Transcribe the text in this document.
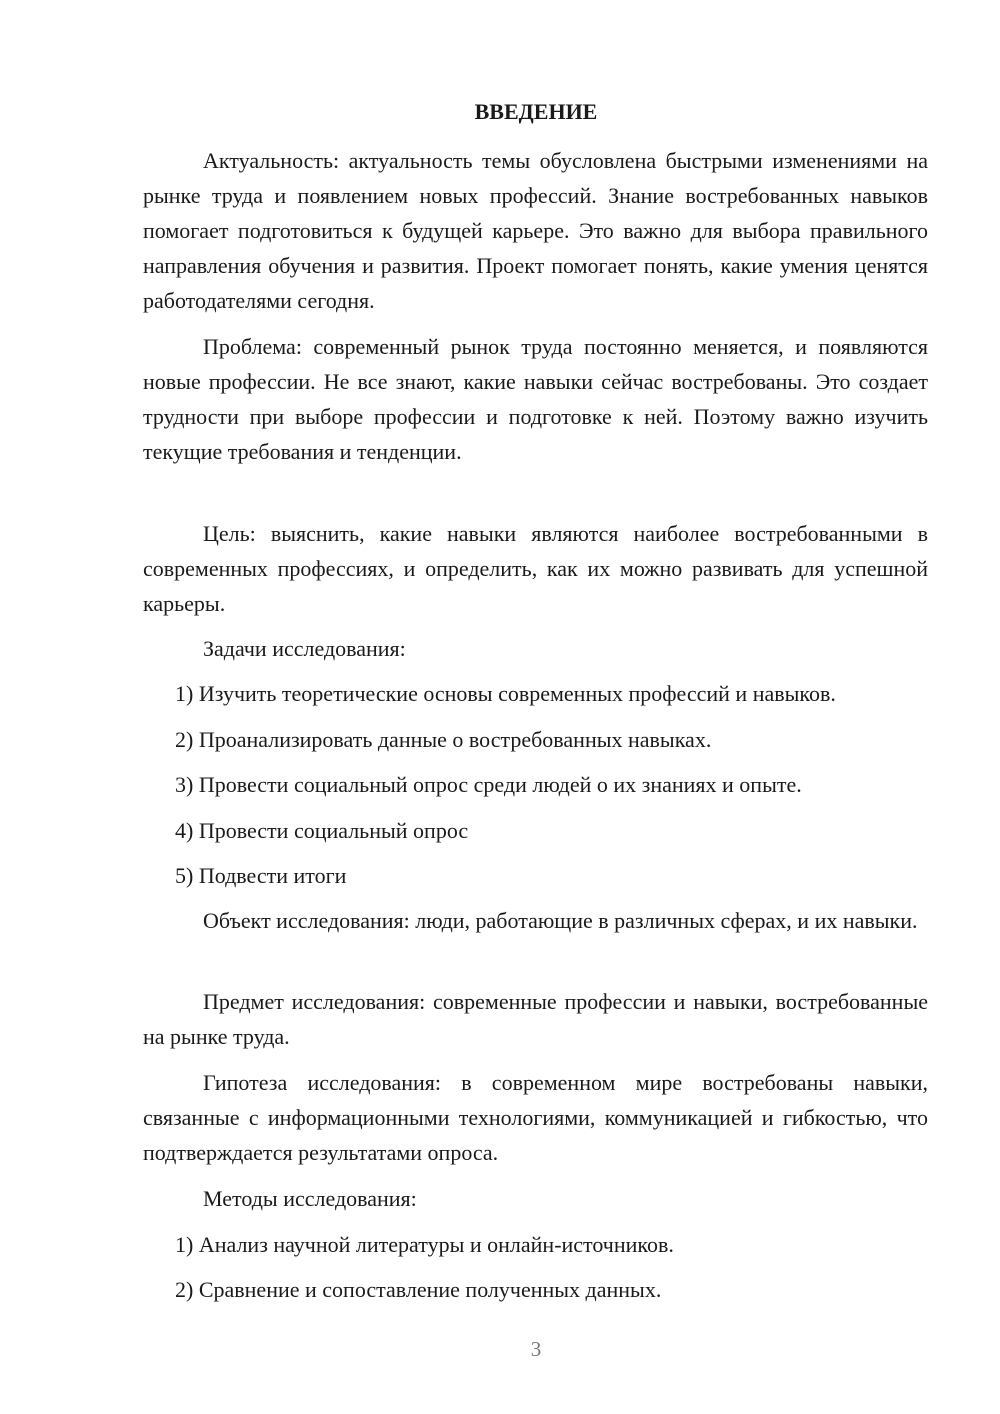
ВВЕДЕНИЕ

Актуальность: актуальность темы обусловлена быстрыми изменениями на рынке труда и появлением новых профессий. Знание востребованных навыков помогает подготовиться к будущей карьере. Это важно для выбора правильного направления обучения и развития. Проект помогает понять, какие умения ценятся работодателями сегодня.

Проблема: современный рынок труда постоянно меняется, и появляются новые профессии. Не все знают, какие навыки сейчас востребованы. Это создает трудности при выборе профессии и подготовке к ней. Поэтому важно изучить текущие требования и тенденции.

Цель: выяснить, какие навыки являются наиболее востребованными в современных профессиях, и определить, как их можно развивать для успешной карьеры.

Задачи исследования:

1) Изучить теоретические основы современных профессий и навыков.

2) Проанализировать данные о востребованных навыках.

3) Провести социальный опрос среди людей о их знаниях и опыте.

4) Провести социальный опрос

5) Подвести итоги

Объект исследования: люди, работающие в различных сферах, и их навыки.

Предмет исследования: современные профессии и навыки, востребованные на рынке труда.

Гипотеза исследования: в современном мире востребованы навыки, связанные с информационными технологиями, коммуникацией и гибкостью, что подтверждается результатами опроса.

Методы исследования:

1) Анализ научной литературы и онлайн-источников.

2) Сравнение и сопоставление полученных данных.

3
